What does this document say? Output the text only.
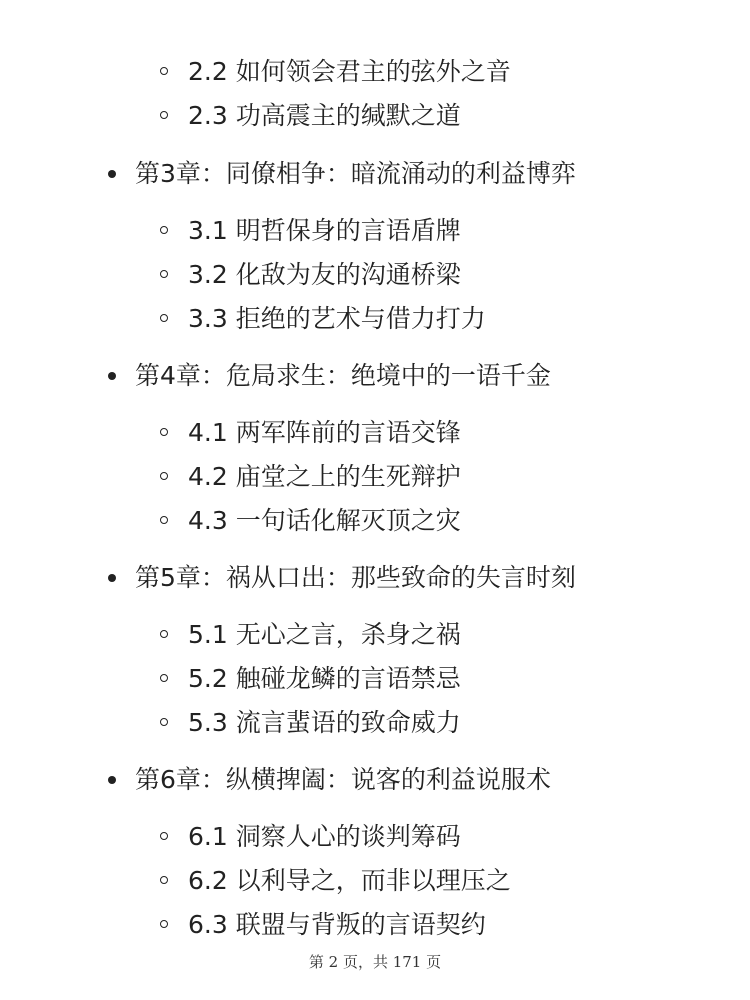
2.2 如何领会君主的弦外之音
2.3 功高震主的缄默之道
第3章：同僚相争：暗流涌动的利益博弈
3.1 明哲保身的言语盾牌
3.2 化敌为友的沟通桥梁
3.3 拒绝的艺术与借力打力
第4章：危局求生：绝境中的一语千金
4.1 两军阵前的言语交锋
4.2 庙堂之上的生死辩护
4.3 一句话化解灭顶之灾
第5章：祸从口出：那些致命的失言时刻
5.1 无心之言，杀身之祸
5.2 触碰龙鳞的言语禁忌
5.3 流言蜚语的致命威力
第6章：纵横捭阖：说客的利益说服术
6.1 洞察人心的谈判筹码
6.2 以利导之，而非以理压之
6.3 联盟与背叛的言语契约
第 2 页，共 171 页
